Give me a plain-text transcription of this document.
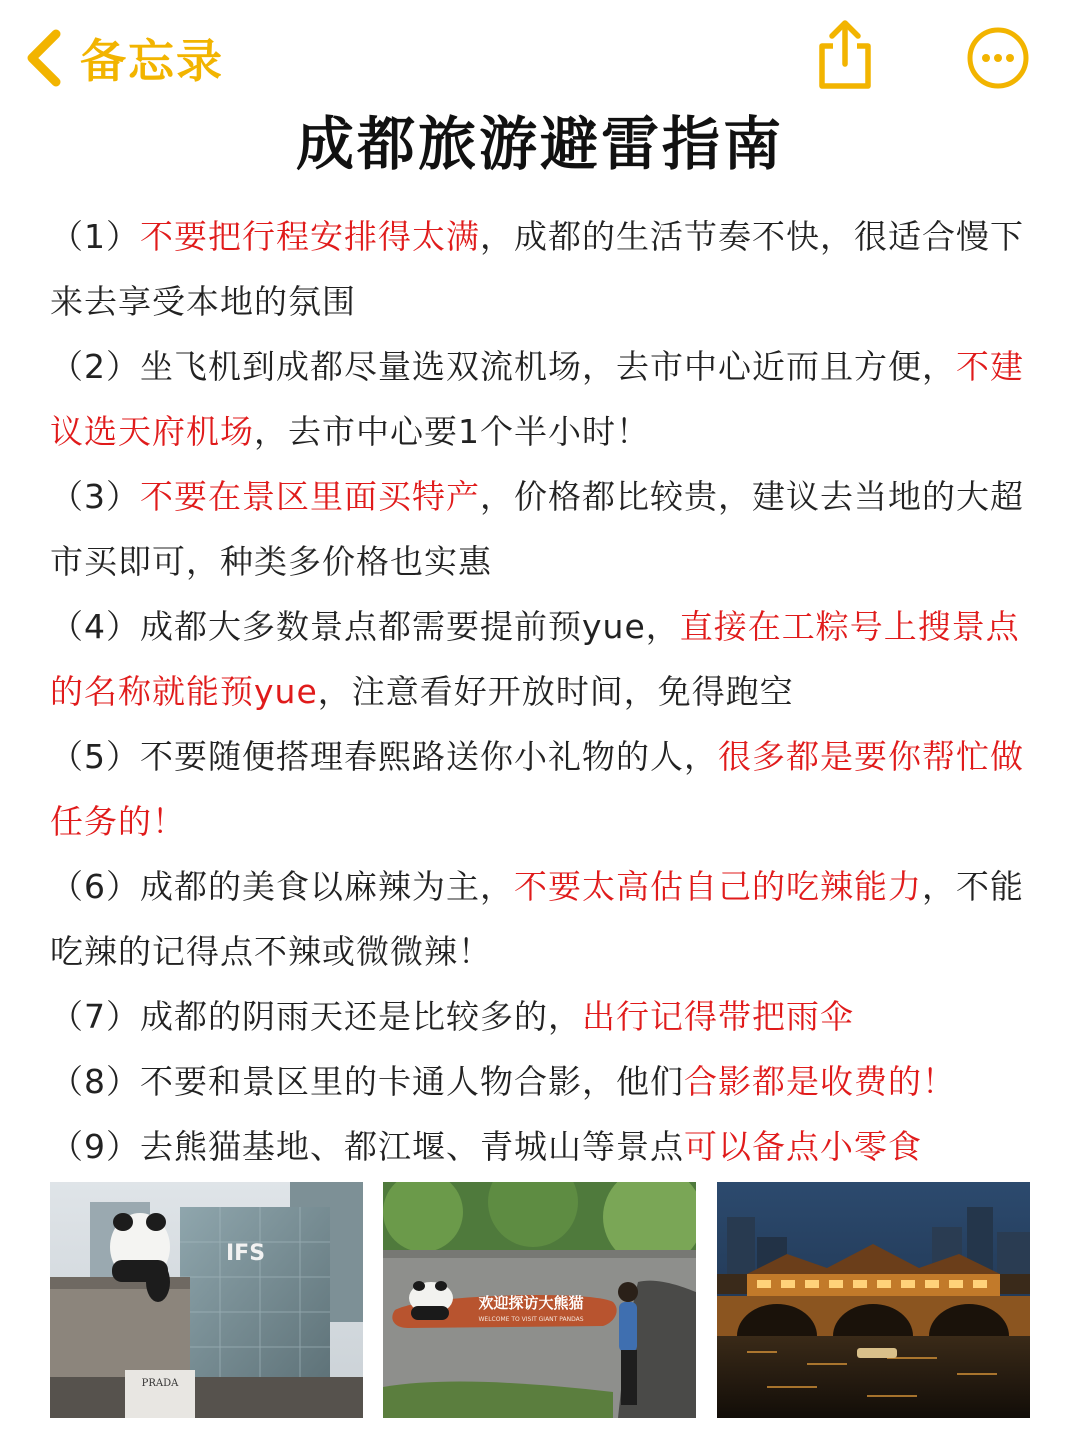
备忘录
成都旅游避雷指南

（1）不要把行程安排得太满，成都的生活节奏不快，很适合慢下来去享受本地的氛围

（2）坐飞机到成都尽量选双流机场，去市中心近而且方便，不建议选天府机场，去市中心要1个半小时！

（3）不要在景区里面买特产，价格都比较贵，建议去当地的大超市买即可，种类多价格也实惠

（4）成都大多数景点都需要提前预yue，直接在工粽号上搜景点的名称就能预yue，注意看好开放时间，免得跑空

（5）不要随便搭理春熙路送你小礼物的人，很多都是要你帮忙做任务的！

（6）成都的美食以麻辣为主，不要太高估自己的吃辣能力，不能吃辣的记得点不辣或微微辣！

（7）成都的阴雨天还是比较多的，出行记得带把雨伞

（8）不要和景区里的卡通人物合影，他们合影都是收费的！

（9）去熊猫基地、都江堰、青城山等景点可以备点小零食

IFS
PRADA
欢迎探访大熊猫
WELCOME TO VISIT GIANT PANDAS
